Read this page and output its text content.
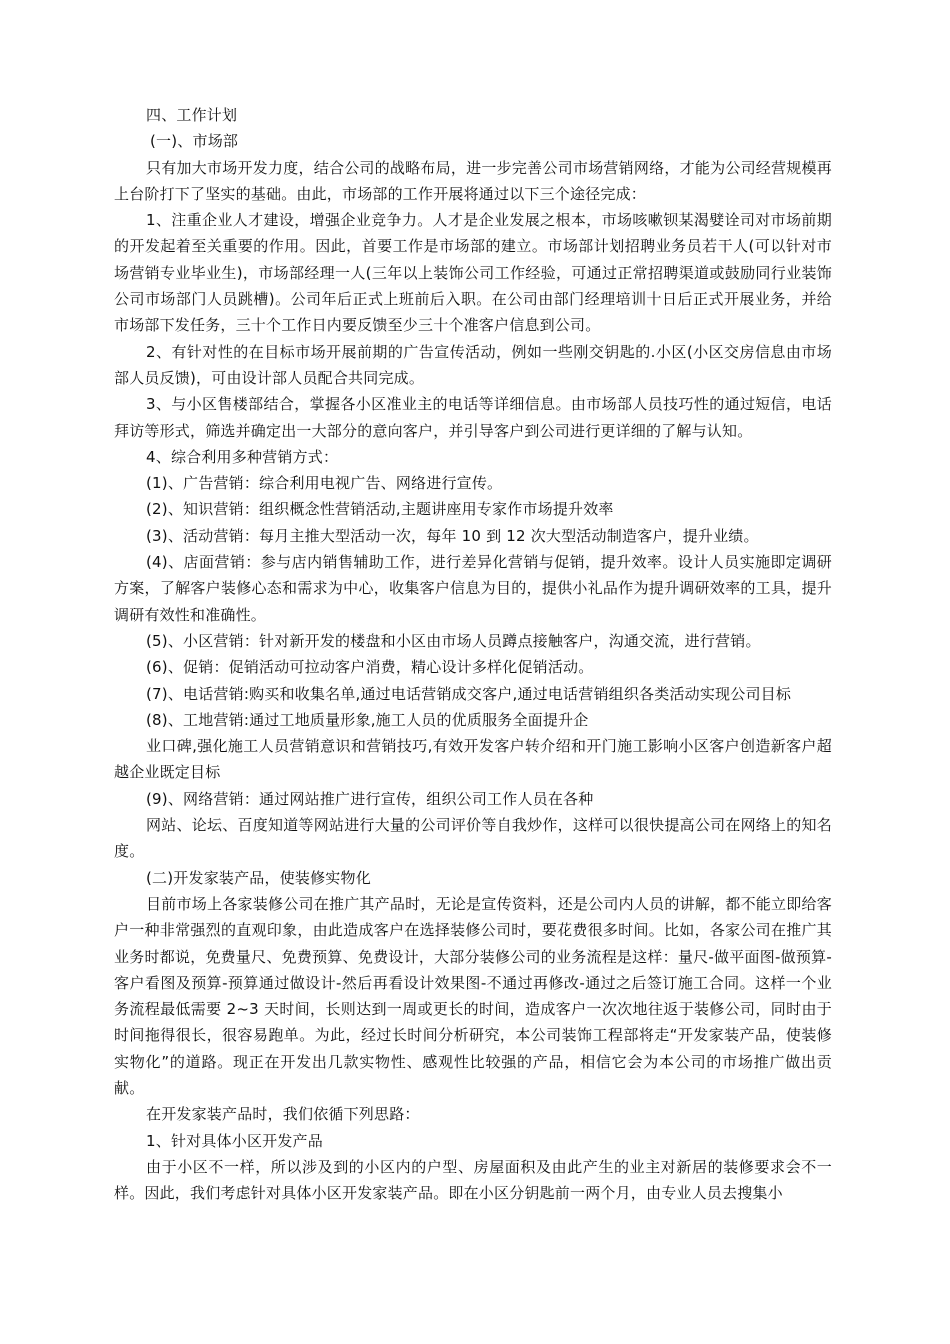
四、工作计划

(一)、市场部

只有加大市场开发力度，结合公司的战略布局，进一步完善公司市场营销网络，才能为公司经营规模再上台阶打下了坚实的基础。由此，市场部的工作开展将通过以下三个途径完成：

1、注重企业人才建设，增强企业竞争力。人才是企业发展之根本，市场咳嗽钡某渴嬖诠司对市场前期的开发起着至关重要的作用。因此，首要工作是市场部的建立。市场部计划招聘业务员若干人(可以针对市场营销专业毕业生)，市场部经理一人(三年以上装饰公司工作经验，可通过正常招聘渠道或鼓励同行业装饰公司市场部门人员跳槽)。公司年后正式上班前后入职。在公司由部门经理培训十日后正式开展业务，并给市场部下发任务，三十个工作日内要反馈至少三十个准客户信息到公司。

2、有针对性的在目标市场开展前期的广告宣传活动，例如一些刚交钥匙的.小区(小区交房信息由市场部人员反馈)，可由设计部人员配合共同完成。

3、与小区售楼部结合，掌握各小区准业主的电话等详细信息。由市场部人员技巧性的通过短信，电话拜访等形式，筛选并确定出一大部分的意向客户，并引导客户到公司进行更详细的了解与认知。

4、综合利用多种营销方式：

(1)、广告营销：综合利用电视广告、网络进行宣传。

(2)、知识营销：组织概念性营销活动,主题讲座用专家作市场提升效率

(3)、活动营销：每月主推大型活动一次，每年 10 到 12 次大型活动制造客户，提升业绩。

(4)、店面营销：参与店内销售辅助工作，进行差异化营销与促销，提升效率。设计人员实施即定调研方案，了解客户装修心态和需求为中心，收集客户信息为目的，提供小礼品作为提升调研效率的工具，提升调研有效性和准确性。

(5)、小区营销：针对新开发的楼盘和小区由市场人员蹲点接触客户，沟通交流，进行营销。

(6)、促销：促销活动可拉动客户消费，精心设计多样化促销活动。

(7)、电话营销:购买和收集名单,通过电话营销成交客户,通过电话营销组织各类活动实现公司目标

(8)、工地营销:通过工地质量形象,施工人员的优质服务全面提升企

业口碑,强化施工人员营销意识和营销技巧,有效开发客户转介绍和开门施工影响小区客户创造新客户超越企业既定目标

(9)、网络营销：通过网站推广进行宣传，组织公司工作人员在各种

网站、论坛、百度知道等网站进行大量的公司评价等自我炒作，这样可以很快提高公司在网络上的知名度。

(二)开发家装产品，使装修实物化

目前市场上各家装修公司在推广其产品时，无论是宣传资料，还是公司内人员的讲解，都不能立即给客户一种非常强烈的直观印象，由此造成客户在选择装修公司时，要花费很多时间。比如，各家公司在推广其业务时都说，免费量尺、免费预算、免费设计，大部分装修公司的业务流程是这样：量尺-做平面图-做预算-客户看图及预算-预算通过做设计-然后再看设计效果图-不通过再修改-通过之后签订施工合同。这样一个业务流程最低需要 2~3 天时间，长则达到一周或更长的时间，造成客户一次次地往返于装修公司，同时由于时间拖得很长，很容易跑单。为此，经过长时间分析研究，本公司装饰工程部将走“开发家装产品，使装修实物化”的道路。现正在开发出几款实物性、感观性比较强的产品，相信它会为本公司的市场推广做出贡献。

在开发家装产品时，我们依循下列思路：

1、针对具体小区开发产品

由于小区不一样，所以涉及到的小区内的户型、房屋面积及由此产生的业主对新居的装修要求会不一样。因此，我们考虑针对具体小区开发家装产品。即在小区分钥匙前一两个月，由专业人员去搜集小
